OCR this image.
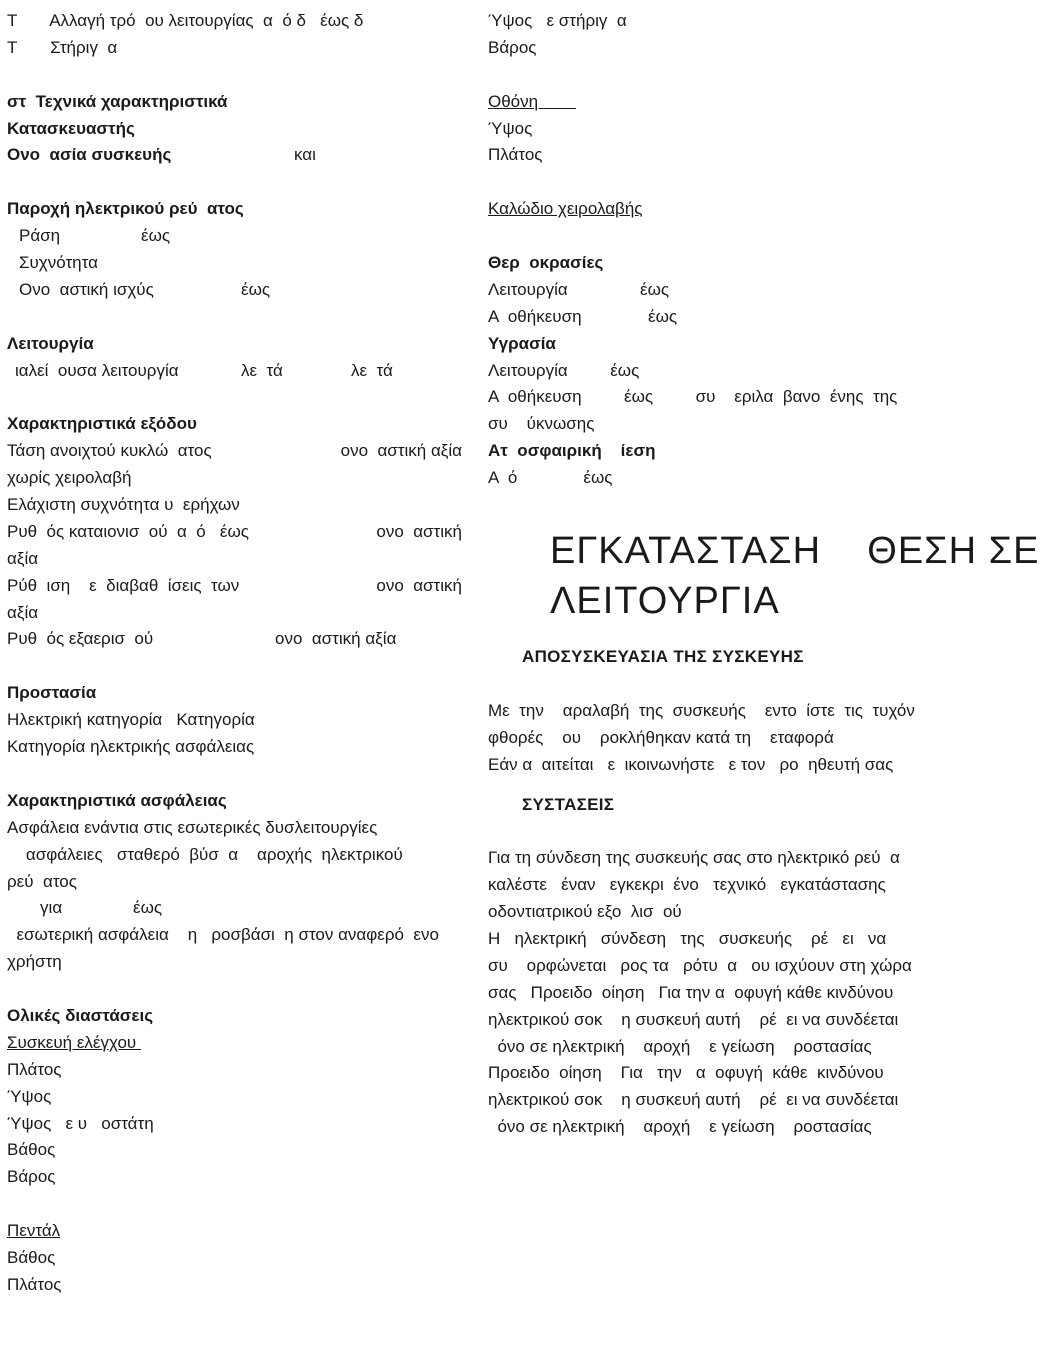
Τ       Αλλαγή τρό  ου λειτουργίας  α  ό δ   έως δ
Τ       Στήριγ  α
στ  Τεχνικά χαρακτηριστικά
Κατασκευαστής
Ονο  ασία συσκευής	και
Παροχή ηλεκτρικού ρεύ  ατος
Ράση	έως
Συχνότητα
Ονο  αστική ισχύς	έως
Λειτουργία
ιαλεί  ουσα λειτουργία	λε  τά	λε  τά
Χαρακτηριστικά εξόδου
Τάση ανοιχτού κυκλώ  ατος	ονο  αστική αξία
χωρίς χειρολαβή
Ελάχιστη συχνότητα υ  ερήχων
Ρυθ  ός καταιονισ  ού  α  ό   έως	ονο  αστική
αξία
Ρύθ  ιση    ε  διαβαθ  ίσεις  των	ονο  αστική
αξία
Ρυθ  ός εξαερισ  ού	ονο  αστική αξία
Προστασία
Ηλεκτρική κατηγορία   Κατηγορία
Κατηγορία ηλεκτρικής ασφάλειας
Χαρακτηριστικά ασφάλειας
Ασφάλεια ενάντια στις εσωτερικές δυσλειτουργίες
ασφάλειες   σταθερό  βύσ  α    αροχής  ηλεκτρικού
ρεύ  ατος
για               έως
εσωτερική ασφάλεια    η   ροσβάσι  η στον αναφερό  ενο
χρήστη
Ολικές διαστάσεις
Συσκευή ελέγχου
Πλάτος
Ύψος
Ύψος   ε υ   οστάτη
Βάθος
Βάρος
Πεντάλ
Βάθος
Πλάτος
Ύψος   ε στήριγ  α
Βάρος
Οθόνη
Ύψος
Πλάτος
Καλώδιο χειρολαβής
Θερ  οκρασίες
Λειτουργία	έως
Α  οθήκευση	έως
Υγρασία
Λειτουργία         έως
Α  οθήκευση         έως         συ    εριλα  βανο  ένης  της
συ    ύκνωσης
Ατ  οσφαιρική    ίεση
Α  ό              έως
ΕΓΚΑΤΑΣΤΑΣΗ    ΘΕΣΗ ΣΕ
ΛΕΙΤΟΥΡΓΙΑ
ΑΠΟΣΥΣΚΕΥΑΣΙΑ ΤΗΣ ΣΥΣΚΕΥΗΣ
Με  την    αραλαβή  της  συσκευής    εντο  ίστε  τις  τυχόν
φθορές    ου    ροκλήθηκαν κατά τη    εταφορά
Εάν α  αιτείται   ε  ικοινωνήστε   ε τον   ρο  ηθευτή σας
ΣΥΣΤΑΣΕΙΣ
Για τη σύνδεση της συσκευής σας στο ηλεκτρικό ρεύ  α
καλέστε   έναν   εγκεκρι  ένο   τεχνικό   εγκατάστασης
οδοντιατρικού εξο  λισ  ού
Η   ηλεκτρική   σύνδεση   της   συσκευής    ρέ   ει   να
συ    ορφώνεται   ρος τα   ρότυ  α   ου ισχύουν στη χώρα
σας   Προειδο  οίηση   Για την α  οφυγή κάθε κινδύνου
ηλεκτρικού σοκ    η συσκευή αυτή    ρέ  ει να συνδέεται
όνο σε ηλεκτρική    αροχή    ε γείωση    ροστασίας
Προειδο  οίηση    Για   την   α  οφυγή  κάθε  κινδύνου
ηλεκτρικού σοκ    η συσκευή αυτή    ρέ  ει να συνδέεται
όνο σε ηλεκτρική    αροχή    ε γείωση    ροστασίας
